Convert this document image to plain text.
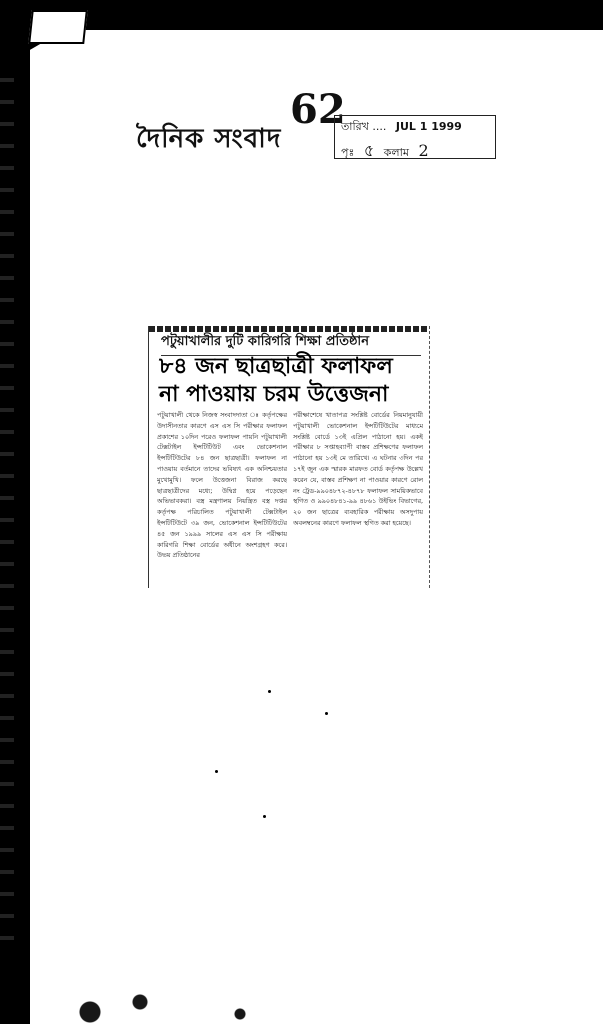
দৈনিক সংবাদ
62
তারিখ .... JUL 1 1999
পৃঃ ৫ কলাম 2
পটুয়াখালীর দুটি কারিগরি শিক্ষা প্রতিষ্ঠান
৮৪ জন ছাত্রছাত্রী ফলাফল
না পাওয়ায় চরম উত্তেজনা
পটুয়াখালী থেকে নিজস্ব সংবাদদাতা ঃ কর্তৃপক্ষের উদাসীনতার কারণে এস এস সি পরীক্ষার ফলাফল প্রকাশের ১০দিন পরেও ফলাফল পায়নি পটুয়াখালী টেক্সটাইল ইন্সটিটিউট এবং ভোকেশনাল ইন্সটিটিউটের ৮৪ জন ছাত্রছাত্রী। ফলাফল না পাওয়ায় বর্তমানে তাদের ভবিষ্যৎ এক অনিশ্চয়তার মুখোমুখি। ফলে উত্তেজনা বিরাজ করছে ছাত্রছাত্রীদের মধ্যে; উদ্বিগ্ন হয়ে পড়েছেন অভিভাবকরা। বস্ত্র মন্ত্রণালয় নিয়ন্ত্রিত বস্ত্র দপ্তর কর্তৃপক্ষ পরিচালিত পটুয়াখালী টেক্সটাইল ইন্সটিটিউটে ৩৯ জন, ভোকেশনাল ইন্সটিটিউটের ৪৫ জন ১৯৯৯ সালের এস এস সি পরীক্ষায় কারিগরি শিক্ষা বোর্ডের অধীনে অংশগ্রহণ করে। উভয় প্রতিষ্ঠানের
পরীক্ষাশেষে খাতাপত্র সংশ্লিষ্ট বোর্ডের নিয়মানুযায়ী পটুয়াখালী ভোকেশনাল ইন্সটিটিউটের মাধ্যমে সংশ্লিষ্ট বোর্ডে ১৩ই এপ্রিল পাঠানো হয়। একই পরীক্ষার ৮ সপ্তাহব্যাপী বাস্তব প্রশিক্ষণের ফলাফল পাঠানো হয় ১৩ই মে তারিখে। এ ঘটনার ৩দিন পর ১৭ই জুন এক স্মারক মারফত বোর্ড কর্তৃপক্ষ উল্লেখ করেন যে, বাস্তব প্রশিক্ষণ না পাওয়ার কারণে রোল নং ট্রেড-৯৯০৪৮৭২-৪৮৭৮ ফলাফল সাময়িকভাবে স্থগিত ও ৯৯০৪৮৪১-৯৯ ৪৮৬১ উইভিং বিভাগের, ২০ জন ছাত্রের ব্যবহারিক পরীক্ষায় অসদুপায় অবলম্বনের কারণে ফলাফল স্থগিত করা হয়েছে।
